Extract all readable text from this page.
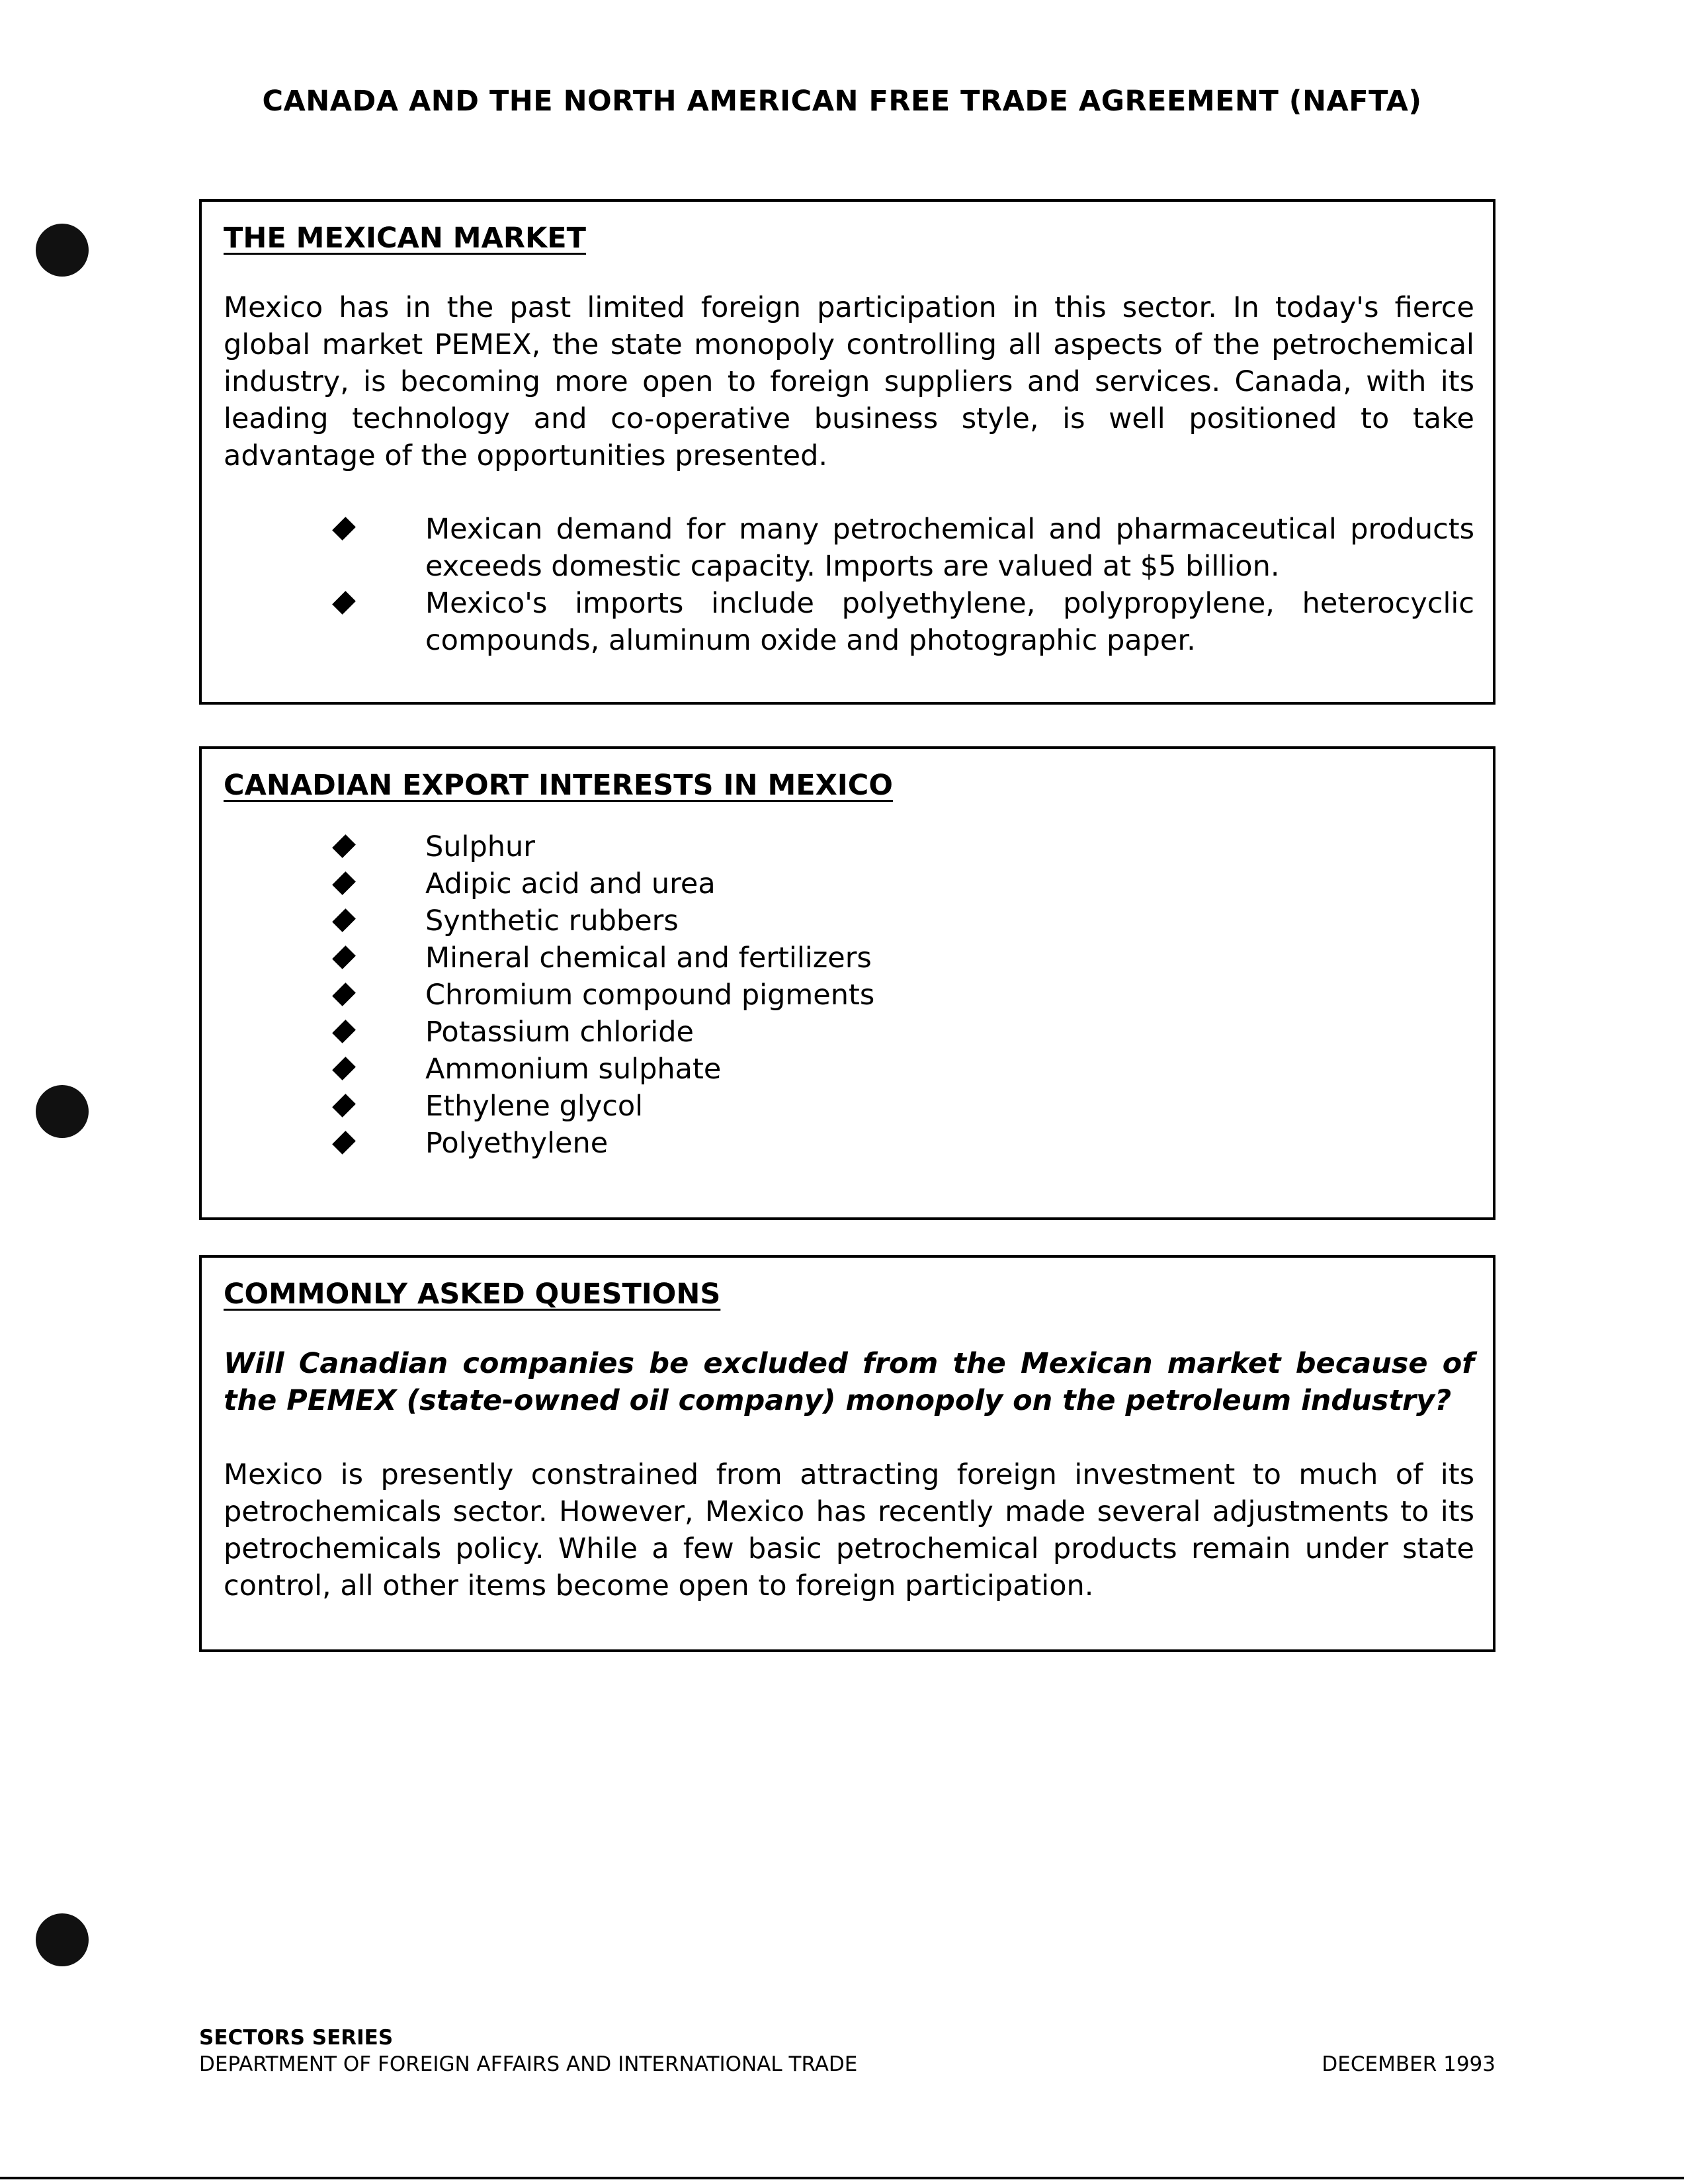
CANADA AND THE NORTH AMERICAN FREE TRADE AGREEMENT (NAFTA)
THE MEXICAN MARKET

Mexico has in the past limited foreign participation in this sector. In today's fierce global market PEMEX, the state monopoly controlling all aspects of the petrochemical industry, is becoming more open to foreign suppliers and services. Canada, with its leading technology and co-operative business style, is well positioned to take advantage of the opportunities presented.

Mexican demand for many petrochemical and pharmaceutical products exceeds domestic capacity. Imports are valued at $5 billion.
Mexico's imports include polyethylene, polypropylene, heterocyclic compounds, aluminum oxide and photographic paper.
CANADIAN EXPORT INTERESTS IN MEXICO
Sulphur
Adipic acid and urea
Synthetic rubbers
Mineral chemical and fertilizers
Chromium compound pigments
Potassium chloride
Ammonium sulphate
Ethylene glycol
Polyethylene
COMMONLY ASKED QUESTIONS

Will Canadian companies be excluded from the Mexican market because of the PEMEX (state-owned oil company) monopoly on the petroleum industry?

Mexico is presently constrained from attracting foreign investment to much of its petrochemicals sector. However, Mexico has recently made several adjustments to its petrochemicals policy. While a few basic petrochemical products remain under state control, all other items become open to foreign participation.

SECTORS SERIES
DEPARTMENT OF FOREIGN AFFAIRS AND INTERNATIONAL TRADE	DECEMBER 1993
